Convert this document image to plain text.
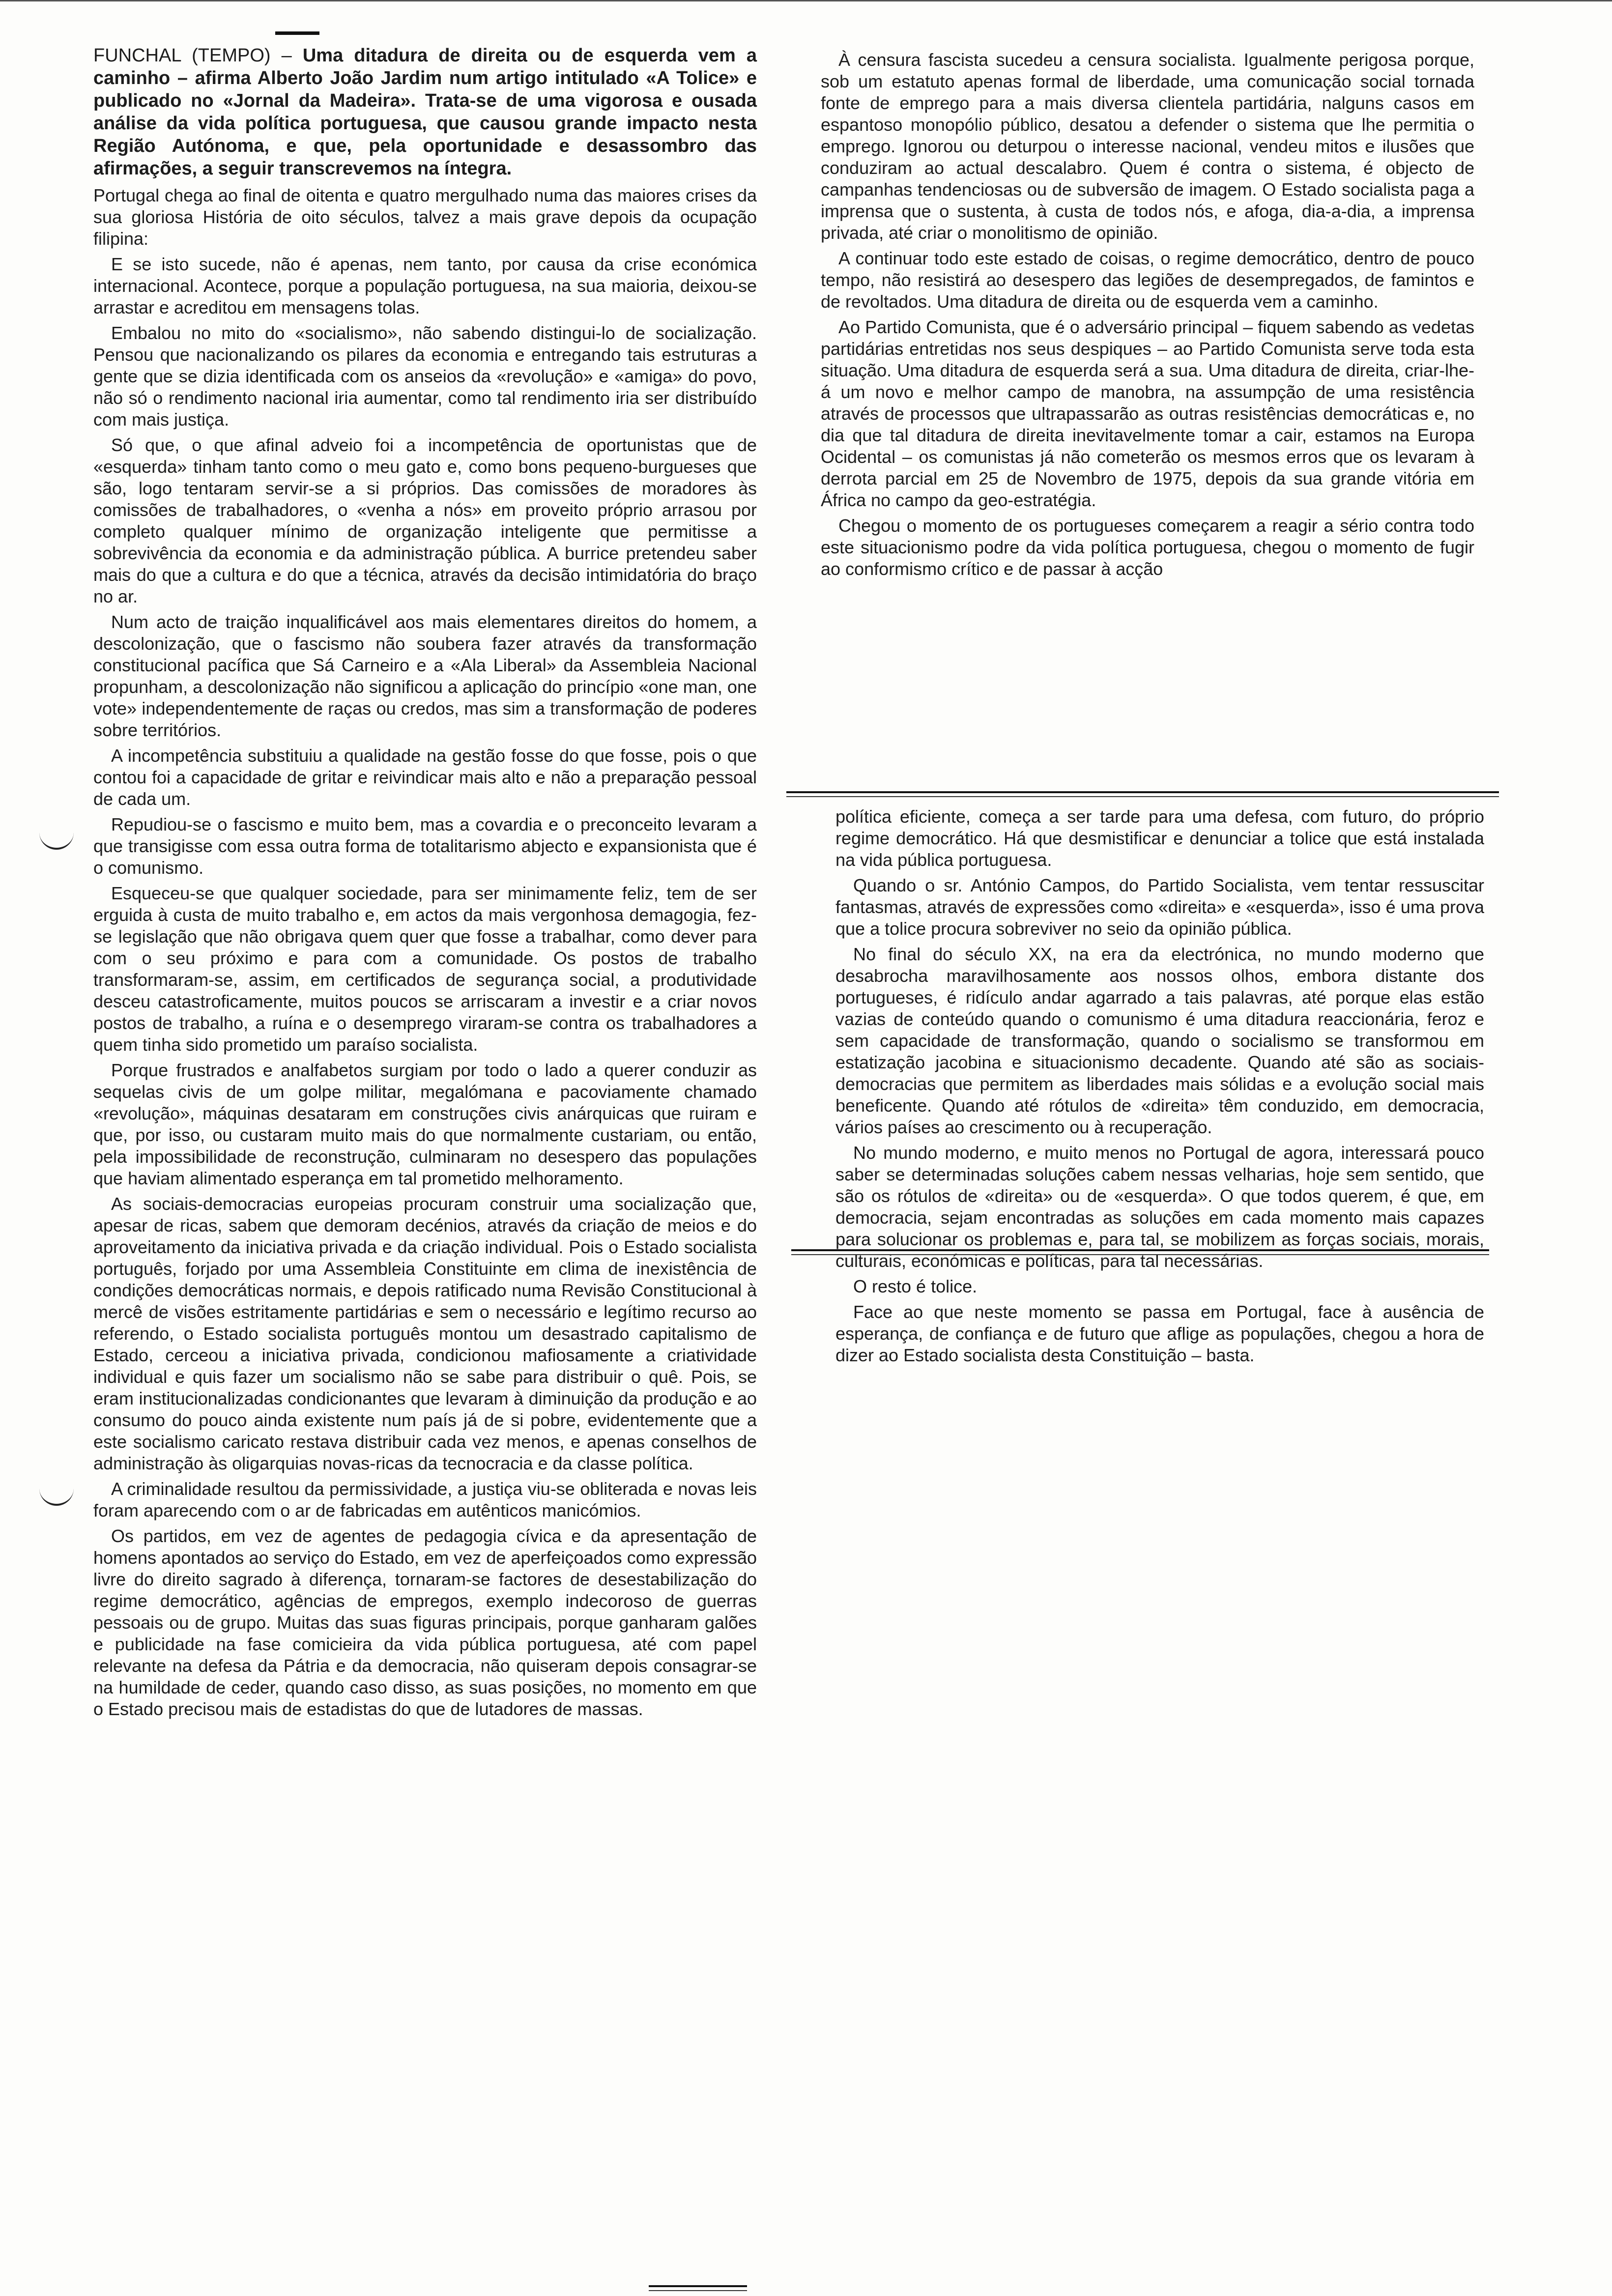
FUNCHAL (TEMPO) – Uma ditadura de direita ou de esquerda vem a caminho – afirma Alberto João Jardim num artigo intitulado «A Tolice» e publicado no «Jornal da Madeira». Trata-se de uma vigorosa e ousada análise da vida política portuguesa, que causou grande impacto nesta Região Autónoma, e que, pela oportunidade e desassombro das afirmações, a seguir transcrevemos na íntegra.

Portugal chega ao final de oitenta e quatro mergulhado numa das maiores crises da sua gloriosa História de oito séculos, talvez a mais grave depois da ocupação filipina:

E se isto sucede, não é apenas, nem tanto, por causa da crise económica internacional. Acontece, porque a população portuguesa, na sua maioria, deixou-se arrastar e acreditou em mensagens tolas.

Embalou no mito do «socialismo», não sabendo distingui-lo de socialização. Pensou que nacionalizando os pilares da economia e entregando tais estruturas a gente que se dizia identificada com os anseios da «revolução» e «amiga» do povo, não só o rendimento nacional iria aumentar, como tal rendimento iria ser distribuído com mais justiça.

Só que, o que afinal adveio foi a incompetência de oportunistas que de «esquerda» tinham tanto como o meu gato e, como bons pequeno-burgueses que são, logo tentaram servir-se a si próprios. Das comissões de moradores às comissões de trabalhadores, o «venha a nós» em proveito próprio arrasou por completo qualquer mínimo de organização inteligente que permitisse a sobrevivência da economia e da administração pública. A burrice pretendeu saber mais do que a cultura e do que a técnica, através da decisão intimidatória do braço no ar.

Num acto de traição inqualificável aos mais elementares direitos do homem, a descolonização, que o fascismo não soubera fazer através da transformação constitucional pacífica que Sá Carneiro e a «Ala Liberal» da Assembleia Nacional propunham, a descolonização não significou a aplicação do princípio «one man, one vote» independentemente de raças ou credos, mas sim a transformação de poderes sobre territórios.

A incompetência substituiu a qualidade na gestão fosse do que fosse, pois o que contou foi a capacidade de gritar e reivindicar mais alto e não a preparação pessoal de cada um.

Repudiou-se o fascismo e muito bem, mas a covardia e o preconceito levaram a que transigisse com essa outra forma de totalitarismo abjecto e expansionista que é o comunismo.

Esqueceu-se que qualquer sociedade, para ser minimamente feliz, tem de ser erguida à custa de muito trabalho e, em actos da mais vergonhosa demagogia, fez-se legislação que não obrigava quem quer que fosse a trabalhar, como dever para com o seu próximo e para com a comunidade. Os postos de trabalho transformaram-se, assim, em certificados de segurança social, a produtividade desceu catastroficamente, muitos poucos se arriscaram a investir e a criar novos postos de trabalho, a ruína e o desemprego viraram-se contra os trabalhadores a quem tinha sido prometido um paraíso socialista.

Porque frustrados e analfabetos surgiam por todo o lado a querer conduzir as sequelas civis de um golpe militar, megalómana e pacoviamente chamado «revolução», máquinas desataram em construções civis anárquicas que ruiram e que, por isso, ou custaram muito mais do que normalmente custariam, ou então, pela impossibilidade de reconstrução, culminaram no desespero das populações que haviam alimentado esperança em tal prometido melhoramento.

As sociais-democracias europeias procuram construir uma socialização que, apesar de ricas, sabem que demoram decénios, através da criação de meios e do aproveitamento da iniciativa privada e da criação individual. Pois o Estado socialista português, forjado por uma Assembleia Constituinte em clima de inexistência de condições democráticas normais, e depois ratificado numa Revisão Constitucional à mercê de visões estritamente partidárias e sem o necessário e legítimo recurso ao referendo, o Estado socialista português montou um desastrado capitalismo de Estado, cerceou a iniciativa privada, condicionou mafiosamente a criatividade individual e quis fazer um socialismo não se sabe para distribuir o quê. Pois, se eram institucionalizadas condicionantes que levaram à diminuição da produção e ao consumo do pouco ainda existente num país já de si pobre, evidentemente que a este socialismo caricato restava distribuir cada vez menos, e apenas conselhos de administração às oligarquias novas-ricas da tecnocracia e da classe política.

A criminalidade resultou da permissividade, a justiça viu-se obliterada e novas leis foram aparecendo com o ar de fabricadas em autênticos manicómios.

Os partidos, em vez de agentes de pedagogia cívica e da apresentação de homens apontados ao serviço do Estado, em vez de aperfeiçoados como expressão livre do direito sagrado à diferença, tornaram-se factores de desestabilização do regime democrático, agências de empregos, exemplo indecoroso de guerras pessoais ou de grupo. Muitas das suas figuras principais, porque ganharam galões e publicidade na fase comicieira da vida pública portuguesa, até com papel relevante na defesa da Pátria e da democracia, não quiseram depois consagrar-se na humildade de ceder, quando caso disso, as suas posições, no momento em que o Estado precisou mais de estadistas do que de lutadores de massas.

À censura fascista sucedeu a censura socialista. Igualmente perigosa porque, sob um estatuto apenas formal de liberdade, uma comunicação social tornada fonte de emprego para a mais diversa clientela partidária, nalguns casos em espantoso monopólio público, desatou a defender o sistema que lhe permitia o emprego. Ignorou ou deturpou o interesse nacional, vendeu mitos e ilusões que conduziram ao actual descalabro. Quem é contra o sistema, é objecto de campanhas tendenciosas ou de subversão de imagem. O Estado socialista paga a imprensa que o sustenta, à custa de todos nós, e afoga, dia-a-dia, a imprensa privada, até criar o monolitismo de opinião.

A continuar todo este estado de coisas, o regime democrático, dentro de pouco tempo, não resistirá ao desespero das legiões de desempregados, de famintos e de revoltados. Uma ditadura de direita ou de esquerda vem a caminho.

Ao Partido Comunista, que é o adversário principal – fiquem sabendo as vedetas partidárias entretidas nos seus despiques – ao Partido Comunista serve toda esta situação. Uma ditadura de esquerda será a sua. Uma ditadura de direita, criar-lhe-á um novo e melhor campo de manobra, na assumpção de uma resistência através de processos que ultrapassarão as outras resistências democráticas e, no dia que tal ditadura de direita inevitavelmente tomar a cair, estamos na Europa Ocidental – os comunistas já não cometerão os mesmos erros que os levaram à derrota parcial em 25 de Novembro de 1975, depois da sua grande vitória em África no campo da geo-estratégia.

Chegou o momento de os portugueses começarem a reagir a sério contra todo este situacionismo podre da vida política portuguesa, chegou o momento de fugir ao conformismo crítico e de passar à acção

política eficiente, começa a ser tarde para uma defesa, com futuro, do próprio regime democrático. Há que desmistificar e denunciar a tolice que está instalada na vida pública portuguesa.

Quando o sr. António Campos, do Partido Socialista, vem tentar ressuscitar fantasmas, através de expressões como «direita» e «esquerda», isso é uma prova que a tolice procura sobreviver no seio da opinião pública.

No final do século XX, na era da electrónica, no mundo moderno que desabrocha maravilhosamente aos nossos olhos, embora distante dos portugueses, é ridículo andar agarrado a tais palavras, até porque elas estão vazias de conteúdo quando o comunismo é uma ditadura reaccionária, feroz e sem capacidade de transformação, quando o socialismo se transformou em estatização jacobina e situacionismo decadente. Quando até são as sociais-democracias que permitem as liberdades mais sólidas e a evolução social mais beneficente. Quando até rótulos de «direita» têm conduzido, em democracia, vários países ao crescimento ou à recuperação.

No mundo moderno, e muito menos no Portugal de agora, interessará pouco saber se determinadas soluções cabem nessas velharias, hoje sem sentido, que são os rótulos de «direita» ou de «esquerda». O que todos querem, é que, em democracia, sejam encontradas as soluções em cada momento mais capazes para solucionar os problemas e, para tal, se mobilizem as forças sociais, morais, culturais, económicas e políticas, para tal necessárias.

O resto é tolice.

Face ao que neste momento se passa em Portugal, face à ausência de esperança, de confiança e de futuro que aflige as populações, chegou a hora de dizer ao Estado socialista desta Constituição – basta.
